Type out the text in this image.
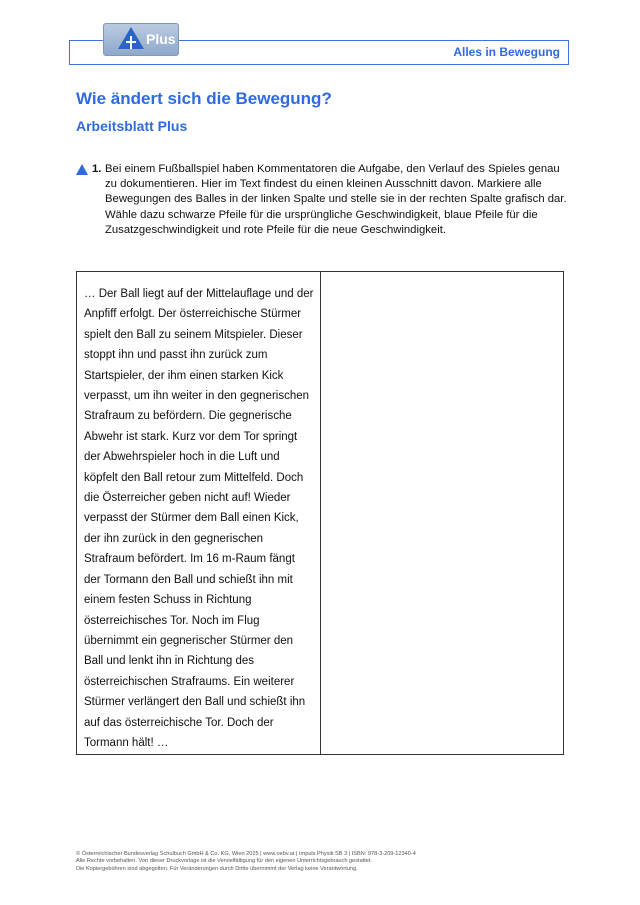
Alles in Bewegung
Plus
Wie ändert sich die Bewegung?
Arbeitsblatt Plus
1. Bei einem Fußballspiel haben Kommentatoren die Aufgabe, den Verlauf des Spieles genau zu dokumentieren. Hier im Text findest du einen kleinen Ausschnitt davon. Markiere alle Bewegungen des Balles in der linken Spalte und stelle sie in der rechten Spalte grafisch dar. Wähle dazu schwarze Pfeile für die ursprüngliche Geschwindigkeit, blaue Pfeile für die Zusatzgeschwindigkeit und rote Pfeile für die neue Geschwindigkeit.

… Der Ball liegt auf der Mittelauflage und der Anpfiff erfolgt. Der österreichische Stürmer spielt den Ball zu seinem Mitspieler. Dieser stoppt ihn und passt ihn zurück zum Startspieler, der ihm einen starken Kick verpasst, um ihn weiter in den gegnerischen Strafraum zu befördern. Die gegnerische Abwehr ist stark. Kurz vor dem Tor springt der Abwehrspieler hoch in die Luft und köpfelt den Ball retour zum Mittelfeld. Doch die Österreicher geben nicht auf! Wieder verpasst der Stürmer dem Ball einen Kick, der ihn zurück in den gegnerischen Strafraum befördert. Im 16 m-Raum fängt der Tormann den Ball und schießt ihn mit einem festen Schuss in Richtung österreichisches Tor. Noch im Flug übernimmt ein gegnerischer Stürmer den Ball und lenkt ihn in Richtung des österreichischen Strafraums. Ein weiterer Stürmer verlängert den Ball und schießt ihn auf das österreichische Tor. Doch der Tormann hält! …

© Österreichischer Bundesverlag Schulbuch GmbH & Co. KG, Wien 2025 | www.oebv.at | Impuls Physik SB 3 | ISBN: 978-3-209-12340-4
Alle Rechte vorbehalten. Von dieser Druckvorlage ist die Vervielfältigung für den eigenen Unterrichtsgebrauch gestattet.
Die Kopiergebühren sind abgegolten. Für Veränderungen durch Dritte übernimmt der Verlag keine Verantwortung.
